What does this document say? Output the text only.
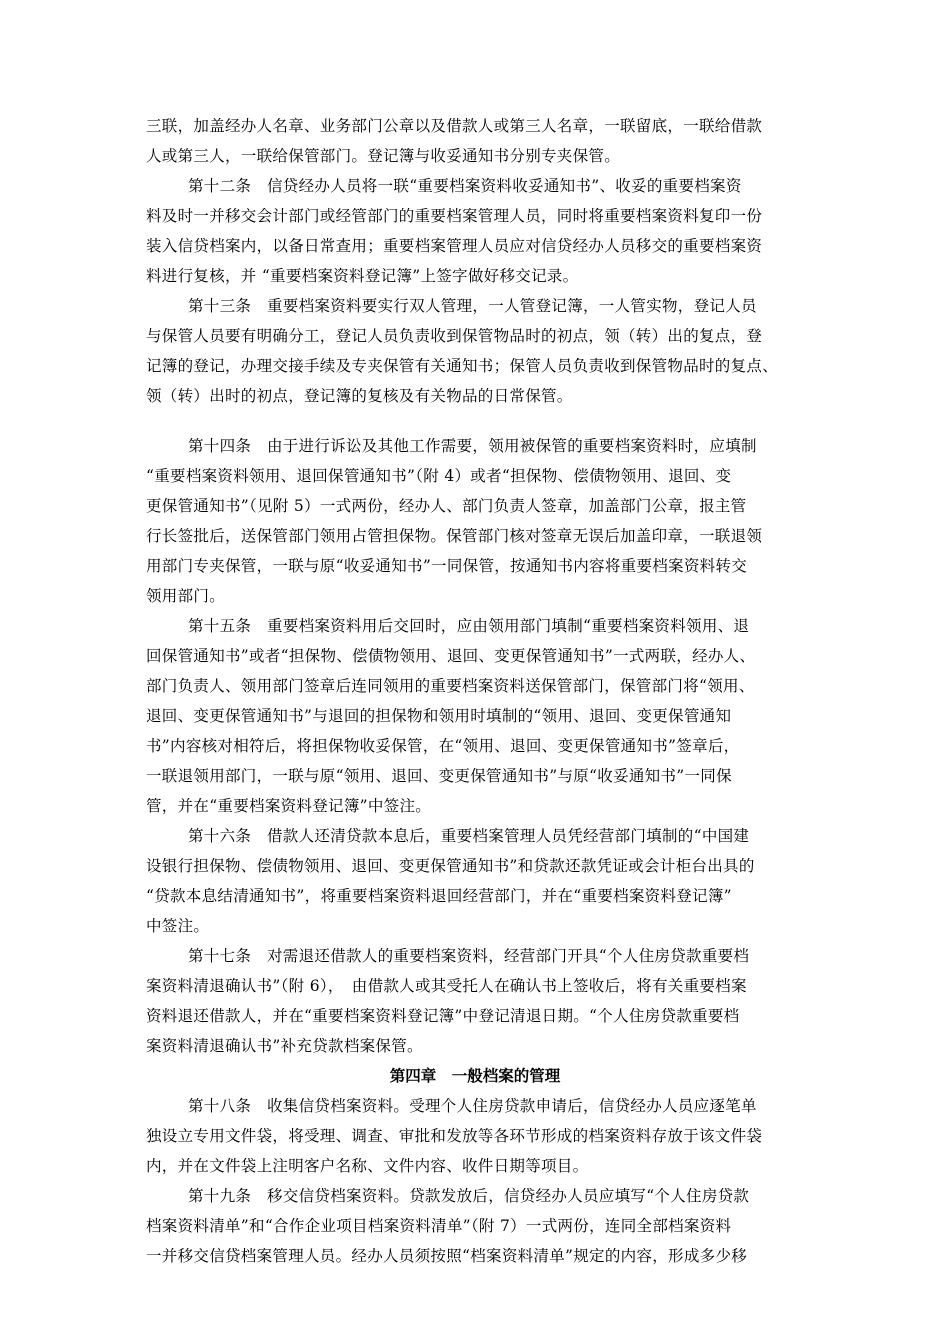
三联，加盖经办人名章、业务部门公章以及借款人或第三人名章，一联留底，一联给借款
人或第三人，一联给保管部门。登记簿与收妥通知书分别专夹保管。
第十二条　信贷经办人员将一联“重要档案资料收妥通知书”、收妥的重要档案资
料及时一并移交会计部门或经管部门的重要档案管理人员，同时将重要档案资料复印一份
装入信贷档案内，以备日常查用；重要档案管理人员应对信贷经办人员移交的重要档案资
料进行复核，并 “重要档案资料登记簿”上签字做好移交记录。
第十三条　重要档案资料要实行双人管理，一人管登记簿，一人管实物，登记人员
与保管人员要有明确分工，登记人员负责收到保管物品时的初点，领（转）出的复点，登
记簿的登记，办理交接手续及专夹保管有关通知书；保管人员负责收到保管物品时的复点、
领（转）出时的初点，登记簿的复核及有关物品的日常保管。
第十四条　由于进行诉讼及其他工作需要，领用被保管的重要档案资料时，应填制
“重要档案资料领用、退回保管通知书”（附 4）或者“担保物、偿债物领用、退回、变
更保管通知书”（见附 5）一式两份，经办人、部门负责人签章，加盖部门公章，报主管
行长签批后，送保管部门领用占管担保物。保管部门核对签章无误后加盖印章，一联退领
用部门专夹保管，一联与原“收妥通知书”一同保管，按通知书内容将重要档案资料转交
领用部门。
第十五条　重要档案资料用后交回时，应由领用部门填制“重要档案资料领用、退
回保管通知书”或者“担保物、偿债物领用、退回、变更保管通知书”一式两联，经办人、
部门负责人、领用部门签章后连同领用的重要档案资料送保管部门，保管部门将“领用、
退回、变更保管通知书”与退回的担保物和领用时填制的“领用、退回、变更保管通知
书”内容核对相符后，将担保物收妥保管，在“领用、退回、变更保管通知书”签章后，
一联退领用部门，一联与原“领用、退回、变更保管通知书”与原“收妥通知书”一同保
管，并在“重要档案资料登记簿”中签注。
第十六条　借款人还清贷款本息后，重要档案管理人员凭经营部门填制的“中国建
设银行担保物、偿债物领用、退回、变更保管通知书”和贷款还款凭证或会计柜台出具的
“贷款本息结清通知书”，将重要档案资料退回经营部门，并在“重要档案资料登记簿”
中签注。
第十七条　对需退还借款人的重要档案资料，经营部门开具“个人住房贷款重要档
案资料清退确认书”（附 6），　由借款人或其受托人在确认书上签收后，将有关重要档案
资料退还借款人，并在“重要档案资料登记簿”中登记清退日期。“个人住房贷款重要档
案资料清退确认书”补充贷款档案保管。
第四章　一般档案的管理
第十八条　收集信贷档案资料。受理个人住房贷款申请后，信贷经办人员应逐笔单
独设立专用文件袋，将受理、调查、审批和发放等各环节形成的档案资料存放于该文件袋
内，并在文件袋上注明客户名称、文件内容、收件日期等项目。
第十九条　移交信贷档案资料。贷款发放后，信贷经办人员应填写“个人住房贷款
档案资料清单”和“合作企业项目档案资料清单”（附 7）一式两份，连同全部档案资料
一并移交信贷档案管理人员。经办人员须按照“档案资料清单”规定的内容，形成多少移
